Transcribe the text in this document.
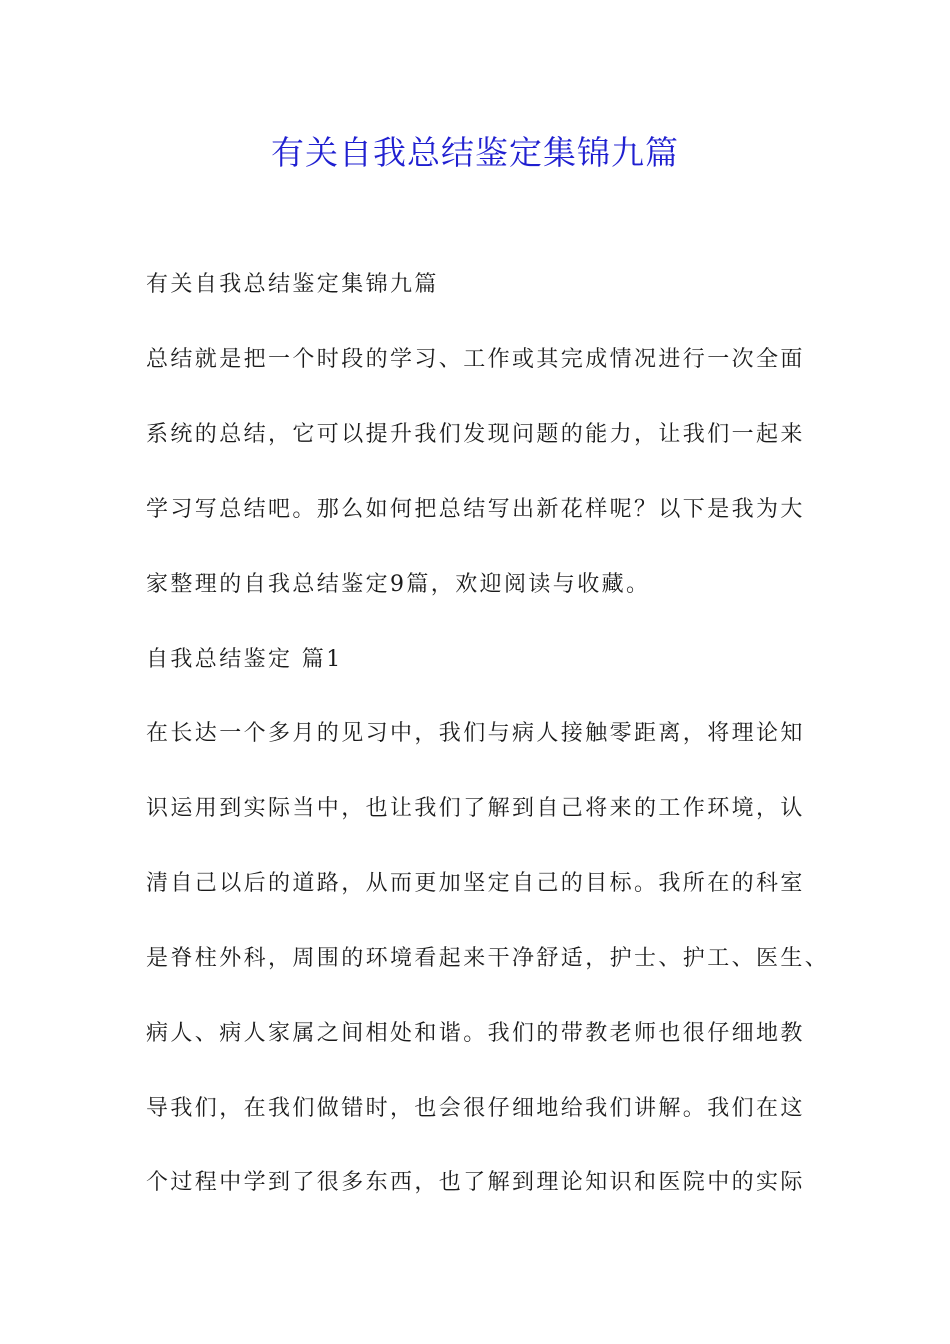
有关自我总结鉴定集锦九篇

有关自我总结鉴定集锦九篇

总结就是把一个时段的学习、工作或其完成情况进行一次全面

系统的总结，它可以提升我们发现问题的能力，让我们一起来

学习写总结吧。那么如何把总结写出新花样呢？以下是我为大

家整理的自我总结鉴定9篇，欢迎阅读与收藏。

自我总结鉴定 篇1

在长达一个多月的见习中，我们与病人接触零距离，将理论知

识运用到实际当中，也让我们了解到自己将来的工作环境，认

清自己以后的道路，从而更加坚定自己的目标。我所在的科室

是脊柱外科，周围的环境看起来干净舒适，护士、护工、医生、

病人、病人家属之间相处和谐。我们的带教老师也很仔细地教

导我们，在我们做错时，也会很仔细地给我们讲解。我们在这

个过程中学到了很多东西，也了解到理论知识和医院中的实际
